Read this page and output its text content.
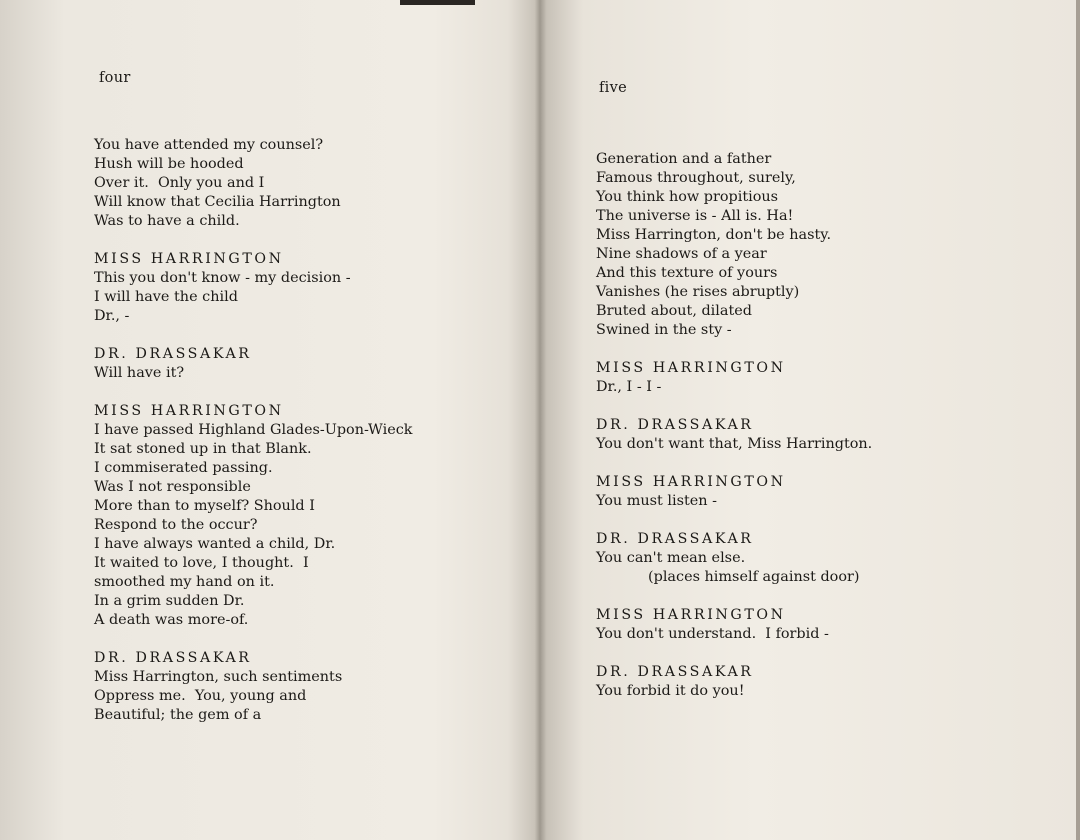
four
You have attended my counsel?
Hush will be hooded
Over it.  Only you and I
Will know that Cecilia Harrington
Was to have a child.
MISS HARRINGTON
This you don't know - my decision -
I will have the child
Dr., -
DR. DRASSAKAR
Will have it?
MISS HARRINGTON
I have passed Highland Glades-Upon-Wieck
It sat stoned up in that Blank.
I commiserated passing.
Was I not responsible
More than to myself? Should I
Respond to the occur?
I have always wanted a child, Dr.
It waited to love, I thought.  I
smoothed my hand on it.
In a grim sudden Dr.
A death was more-of.
DR. DRASSAKAR
Miss Harrington, such sentiments
Oppress me.  You, young and
Beautiful; the gem of a
five
Generation and a father
Famous throughout, surely,
You think how propitious
The universe is - All is. Ha!
Miss Harrington, don't be hasty.
Nine shadows of a year
And this texture of yours
Vanishes (he rises abruptly)
Bruted about, dilated
Swined in the sty -
MISS HARRINGTON
Dr., I - I -
DR. DRASSAKAR
You don't want that, Miss Harrington.
MISS HARRINGTON
You must listen -
DR. DRASSAKAR
You can't mean else.
(places himself against door)
MISS HARRINGTON
You don't understand.  I forbid -
DR. DRASSAKAR
You forbid it do you!
